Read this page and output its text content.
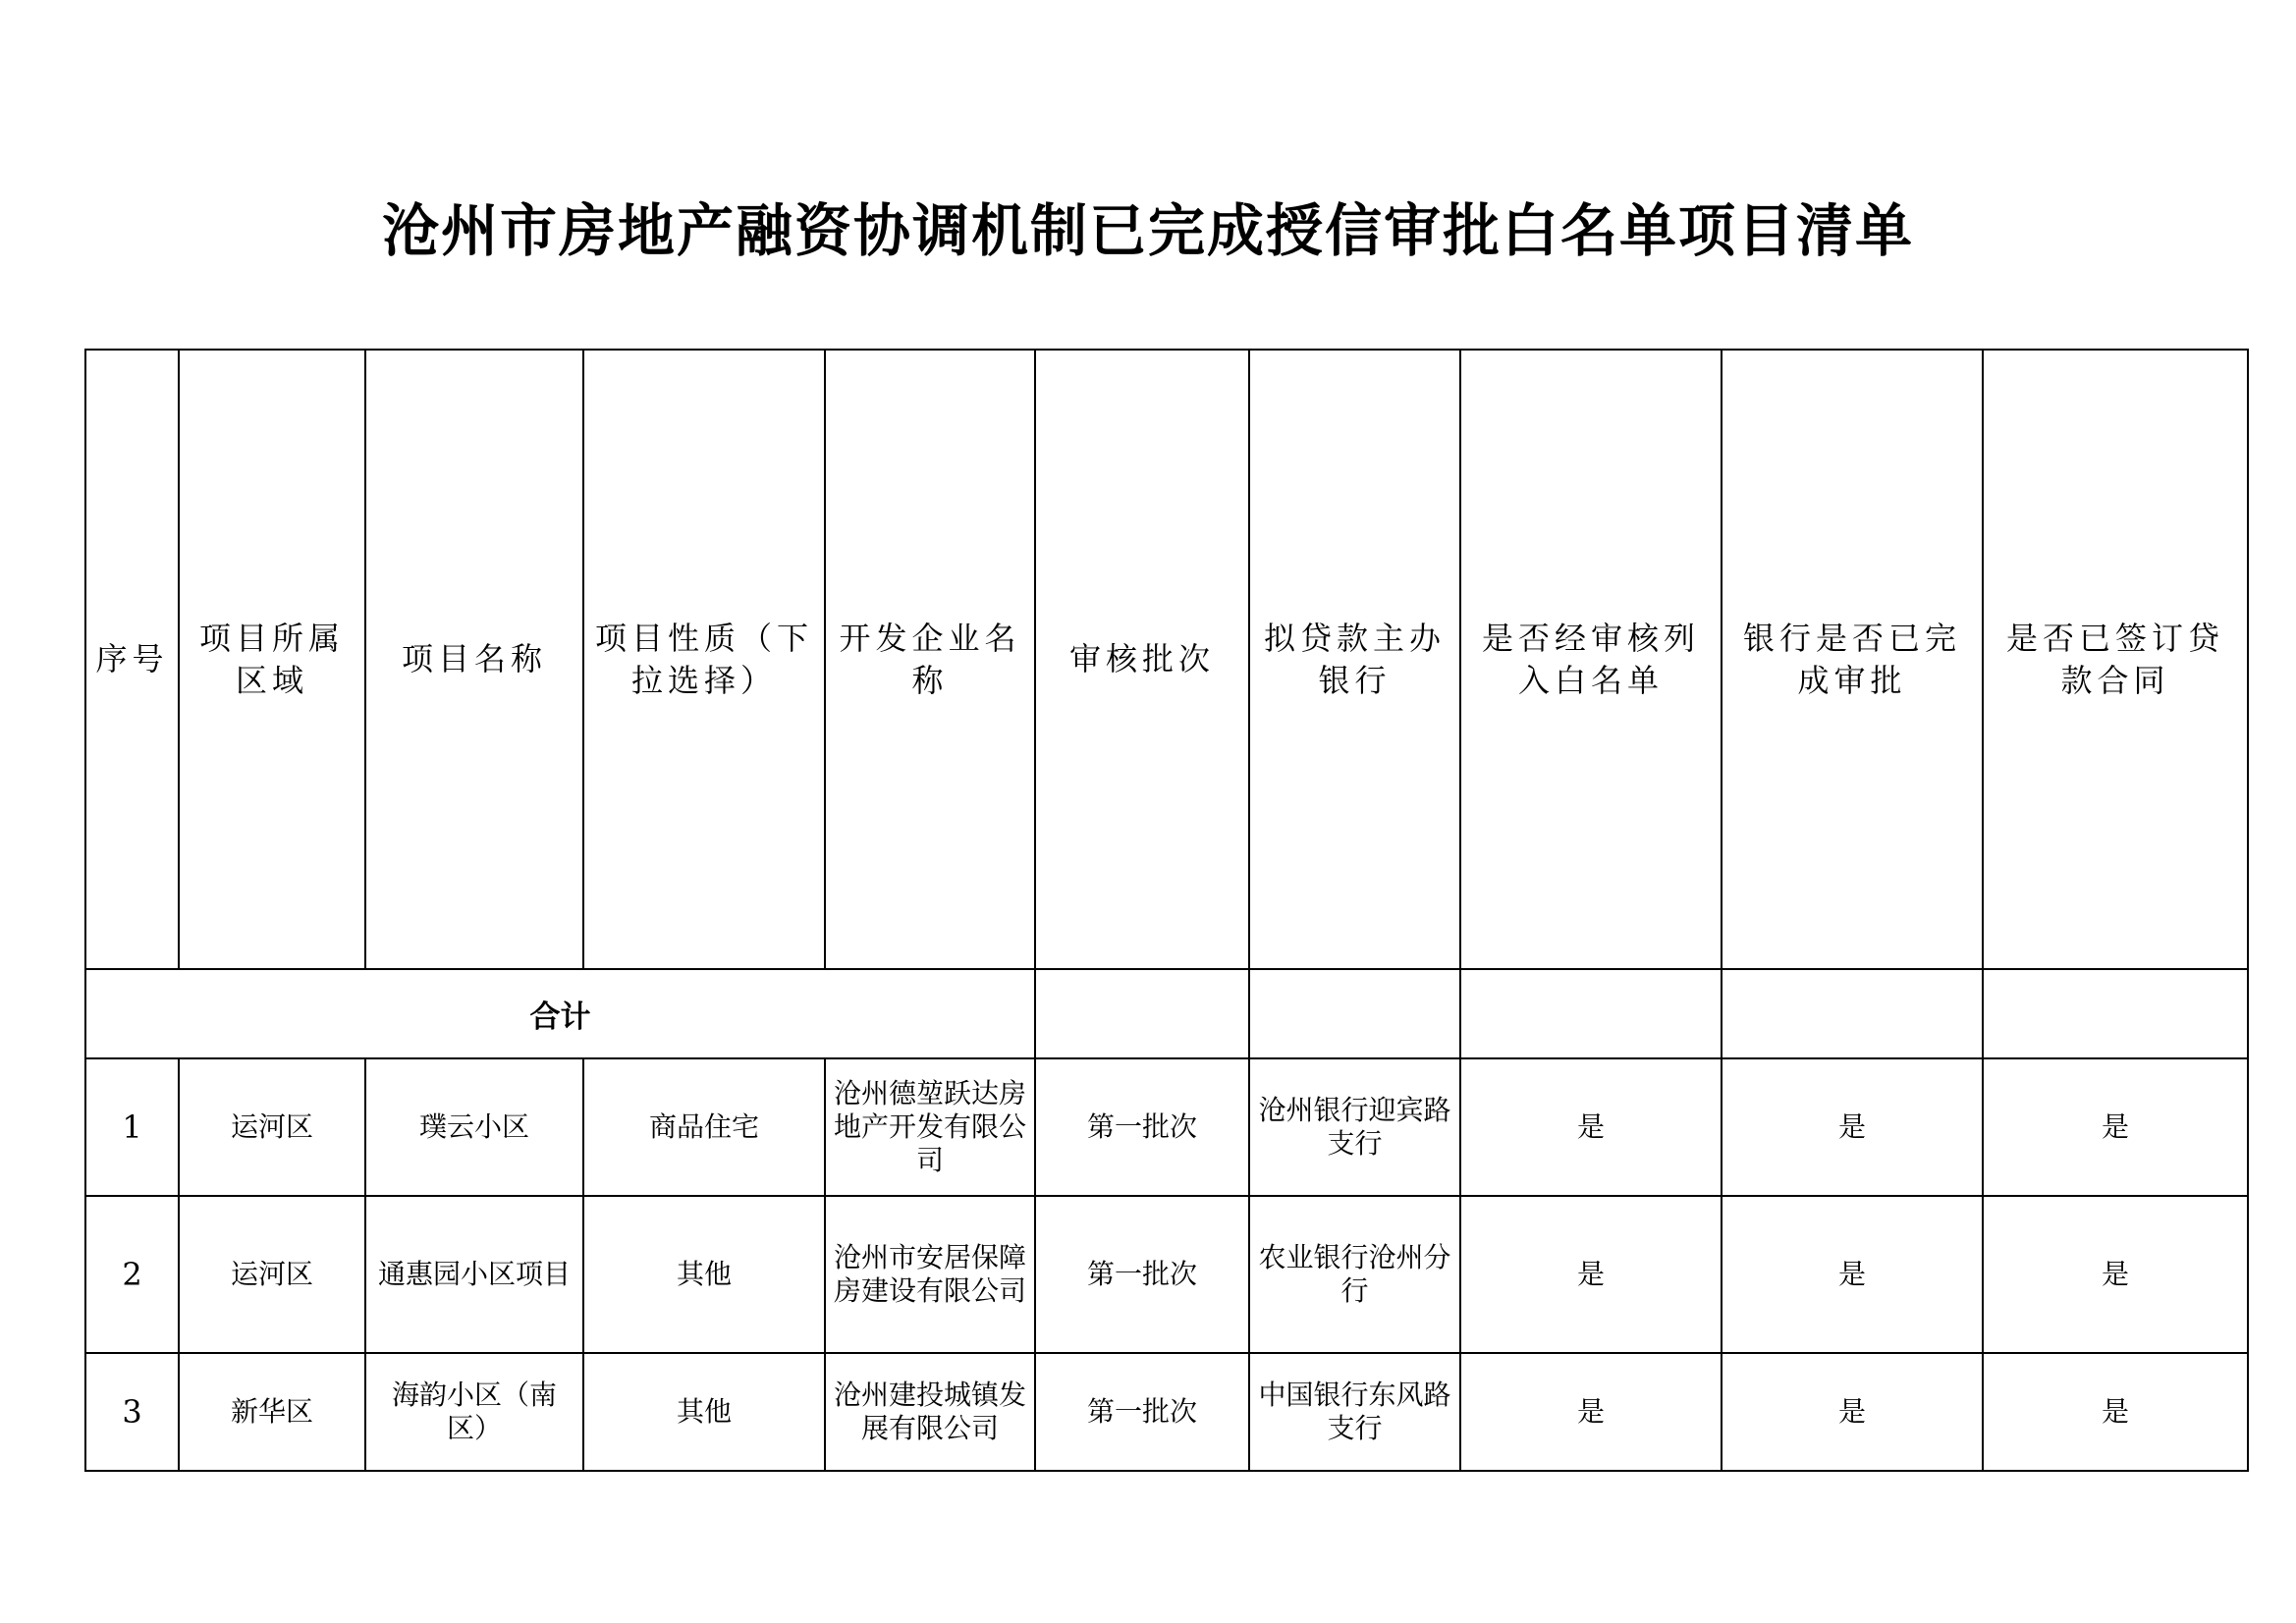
沧州市房地产融资协调机制已完成授信审批白名单项目清单
序号	项目所属区域	项目名称	项目性质（下拉选择）	开发企业名称	审核批次	拟贷款主办银行	是否经审核列入白名单	银行是否已完成审批	是否已签订贷款合同
合计									
1	运河区	璞云小区	商品住宅	沧州德堃跃达房地产开发有限公司	第一批次	沧州银行迎宾路支行	是	是	是
2	运河区	通惠园小区项目	其他	沧州市安居保障房建设有限公司	第一批次	农业银行沧州分行	是	是	是
3	新华区	海韵小区（南区）	其他	沧州建投城镇发展有限公司	第一批次	中国银行东风路支行	是	是	是
